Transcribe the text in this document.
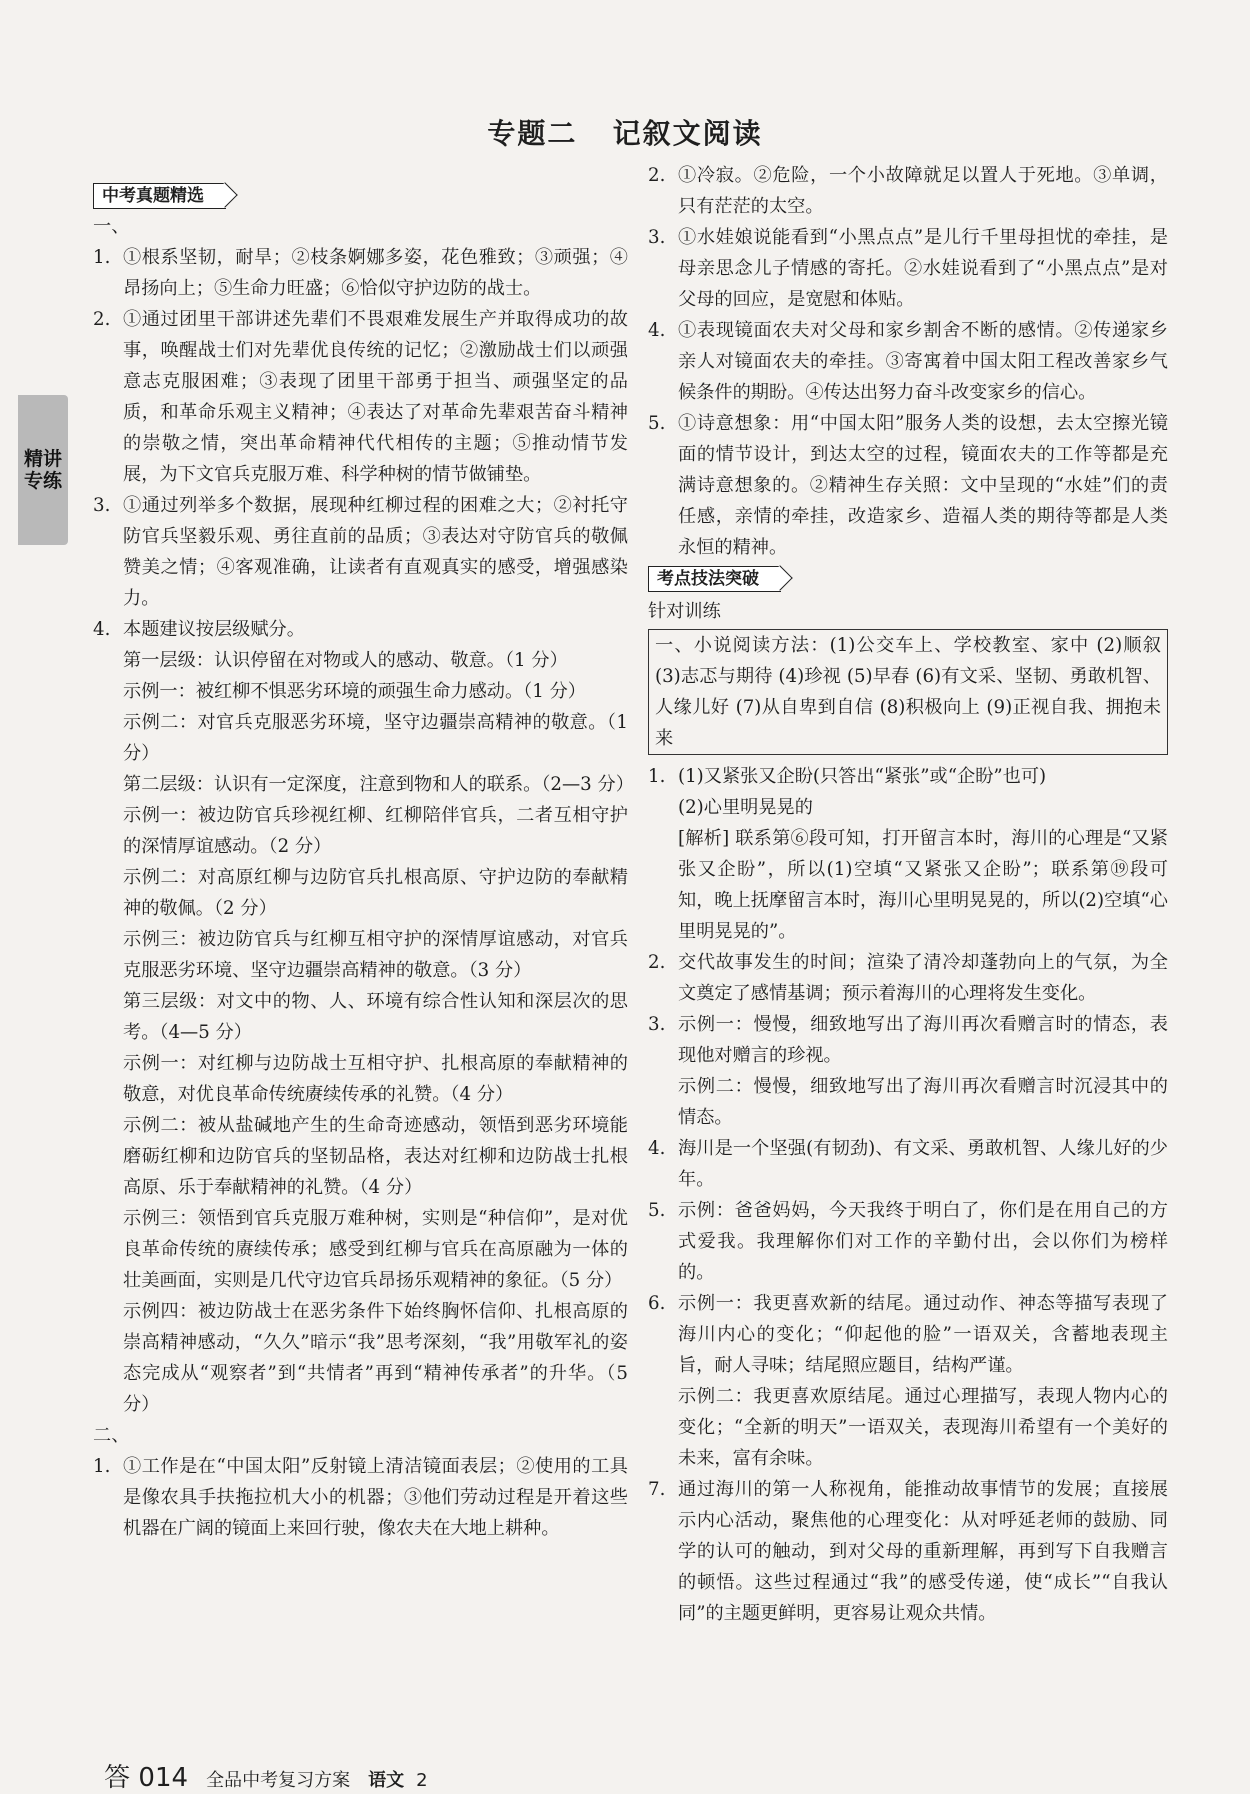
专题二   记叙文阅读
精讲专练
中考真题精选
一、
1. ①根系坚韧，耐旱；②枝条婀娜多姿，花色雅致；③顽强；④昂扬向上；⑤生命力旺盛；⑥恰似守护边防的战士。
2. ①通过团里干部讲述先辈们不畏艰难发展生产并取得成功的故事，唤醒战士们对先辈优良传统的记忆；②激励战士们以顽强意志克服困难；③表现了团里干部勇于担当、顽强坚定的品质，和革命乐观主义精神；④表达了对革命先辈艰苦奋斗精神的崇敬之情，突出革命精神代代相传的主题；⑤推动情节发展，为下文官兵克服万难、科学种树的情节做铺垫。
3. ①通过列举多个数据，展现种红柳过程的困难之大；②衬托守防官兵坚毅乐观、勇往直前的品质；③表达对守防官兵的敬佩赞美之情；④客观准确，让读者有直观真实的感受，增强感染力。
4. 本题建议按层级赋分。
第一层级：认识停留在对物或人的感动、敬意。（1 分）
示例一：被红柳不惧恶劣环境的顽强生命力感动。（1 分）
示例二：对官兵克服恶劣环境，坚守边疆崇高精神的敬意。（1 分）
第二层级：认识有一定深度，注意到物和人的联系。（2—3 分）
示例一：被边防官兵珍视红柳、红柳陪伴官兵，二者互相守护的深情厚谊感动。（2 分）
示例二：对高原红柳与边防官兵扎根高原、守护边防的奉献精神的敬佩。（2 分）
示例三：被边防官兵与红柳互相守护的深情厚谊感动，对官兵克服恶劣环境、坚守边疆崇高精神的敬意。（3 分）
第三层级：对文中的物、人、环境有综合性认知和深层次的思考。（4—5 分）
示例一：对红柳与边防战士互相守护、扎根高原的奉献精神的敬意，对优良革命传统赓续传承的礼赞。（4 分）
示例二：被从盐碱地产生的生命奇迹感动，领悟到恶劣环境能磨砺红柳和边防官兵的坚韧品格，表达对红柳和边防战士扎根高原、乐于奉献精神的礼赞。（4 分）
示例三：领悟到官兵克服万难种树，实则是“种信仰”，是对优良革命传统的赓续传承；感受到红柳与官兵在高原融为一体的壮美画面，实则是几代守边官兵昂扬乐观精神的象征。（5 分）
示例四：被边防战士在恶劣条件下始终胸怀信仰、扎根高原的崇高精神感动，“久久”暗示“我”思考深刻，“我”用敬军礼的姿态完成从“观察者”到“共情者”再到“精神传承者”的升华。（5 分）
二、
1. ①工作是在“中国太阳”反射镜上清洁镜面表层；②使用的工具是像农具手扶拖拉机大小的机器；③他们劳动过程是开着这些机器在广阔的镜面上来回行驶，像农夫在大地上耕种。
2. ①冷寂。②危险，一个小故障就足以置人于死地。③单调，只有茫茫的太空。
3. ①水娃娘说能看到“小黑点点”是儿行千里母担忧的牵挂，是母亲思念儿子情感的寄托。②水娃说看到了“小黑点点”是对父母的回应，是宽慰和体贴。
4. ①表现镜面农夫对父母和家乡割舍不断的感情。②传递家乡亲人对镜面农夫的牵挂。③寄寓着中国太阳工程改善家乡气候条件的期盼。④传达出努力奋斗改变家乡的信心。
5. ①诗意想象：用“中国太阳”服务人类的设想，去太空擦光镜面的情节设计，到达太空的过程，镜面农夫的工作等都是充满诗意想象的。②精神生存关照：文中呈现的“水娃”们的责任感，亲情的牵挂，改造家乡、造福人类的期待等都是人类永恒的精神。
考点技法突破
针对训练
一、小说阅读方法：(1)公交车上、学校教室、家中 (2)顺叙 (3)志忑与期待 (4)珍视 (5)早春 (6)有文采、坚韧、勇敢机智、人缘儿好 (7)从自卑到自信 (8)积极向上 (9)正视自我、拥抱未来
1. (1)又紧张又企盼(只答出“紧张”或“企盼”也可)
(2)心里明晃晃的
[解析] 联系第⑥段可知，打开留言本时，海川的心理是“又紧张又企盼”，所以(1)空填“又紧张又企盼”；联系第⑲段可知，晚上抚摩留言本时，海川心里明晃晃的，所以(2)空填“心里明晃晃的”。
2. 交代故事发生的时间；渲染了清冷却蓬勃向上的气氛，为全文奠定了感情基调；预示着海川的心理将发生变化。
3. 示例一：慢慢，细致地写出了海川再次看赠言时的情态，表现他对赠言的珍视。
示例二：慢慢，细致地写出了海川再次看赠言时沉浸其中的情态。
4. 海川是一个坚强(有韧劲)、有文采、勇敢机智、人缘儿好的少年。
5. 示例：爸爸妈妈，今天我终于明白了，你们是在用自己的方式爱我。我理解你们对工作的辛勤付出，会以你们为榜样的。
6. 示例一：我更喜欢新的结尾。通过动作、神态等描写表现了海川内心的变化；“仰起他的脸”一语双关，含蓄地表现主旨，耐人寻味；结尾照应题目，结构严谨。
示例二：我更喜欢原结尾。通过心理描写，表现人物内心的变化；“全新的明天”一语双关，表现海川希望有一个美好的未来，富有余味。
7. 通过海川的第一人称视角，能推动故事情节的发展；直接展示内心活动，聚焦他的心理变化：从对呼延老师的鼓励、同学的认可的触动，到对父母的重新理解，再到写下自我赠言的顿悟。这些过程通过“我”的感受传递，使“成长”“自我认同”的主题更鲜明，更容易让观众共情。

答 014 全品中考复习方案 语文 2
